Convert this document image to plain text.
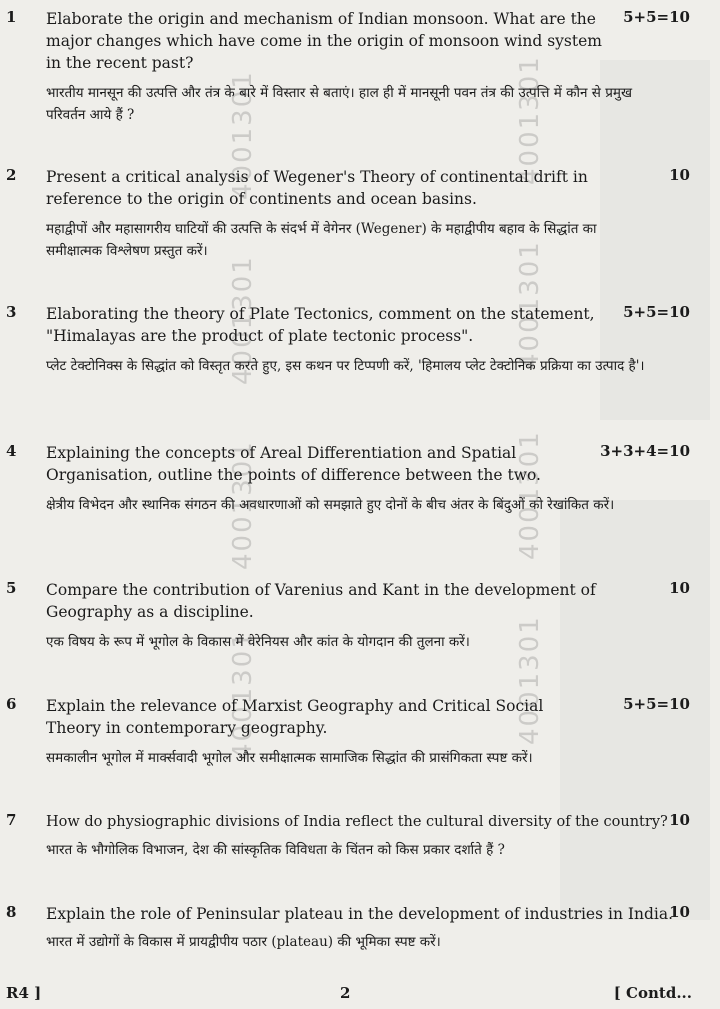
4001301	4001301
4001301	4001301
4001301	4001301
4001301	4001301
1 Elaborate the origin and mechanism of Indian monsoon. What are the major changes which have come in the origin of monsoon wind system in the recent past?
भारतीय मानसून की उत्पत्ति और तंत्र के बारे में विस्तार से बताएं। हाल ही में मानसूनी पवन तंत्र की उत्पत्ति में कौन से प्रमुख परिवर्तन आये हैं ?
5+5=10
2 Present a critical analysis of Wegener's Theory of continental drift in reference to the origin of continents and ocean basins.
महाद्वीपों और महासागरीय घाटियों की उत्पत्ति के संदर्भ में वेगेनर (Wegener) के महाद्वीपीय बहाव के सिद्धांत का समीक्षात्मक विश्लेषण प्रस्तुत करें।
10
3 Elaborating the theory of Plate Tectonics, comment on the statement, "Himalayas are the product of plate tectonic process".
प्लेट टेक्टोनिक्स के सिद्धांत को विस्तृत करते हुए, इस कथन पर टिप्पणी करें, 'हिमालय प्लेट टेक्टोनिक प्रक्रिया का उत्पाद है'।
5+5=10
4 Explaining the concepts of Areal Differentiation and Spatial Organisation, outline the points of difference between the two.
क्षेत्रीय विभेदन और स्थानिक संगठन की अवधारणाओं को समझाते हुए दोनों के बीच अंतर के बिंदुओं को रेखांकित करें।
3+3+4=10
5 Compare the contribution of Varenius and Kant in the development of Geography as a discipline.
एक विषय के रूप में भूगोल के विकास में वेरेनियस और कांत के योगदान की तुलना करें।
10
6 Explain the relevance of Marxist Geography and Critical Social Theory in contemporary geography.
समकालीन भूगोल में मार्क्सवादी भूगोल और समीक्षात्मक सामाजिक सिद्धांत की प्रासंगिकता स्पष्ट करें।
5+5=10
7 How do physiographic divisions of India reflect the cultural diversity of the country?
भारत के भौगोलिक विभाजन, देश की सांस्कृतिक विविधता के चिंतन को किस प्रकार दर्शाते हैं ?
10
8 Explain the role of Peninsular plateau in the development of industries in India.
भारत में उद्योगों के विकास में प्रायद्वीपीय पठार (plateau) की भूमिका स्पष्ट करें।
10
R4 ]	2	[ Contd...
